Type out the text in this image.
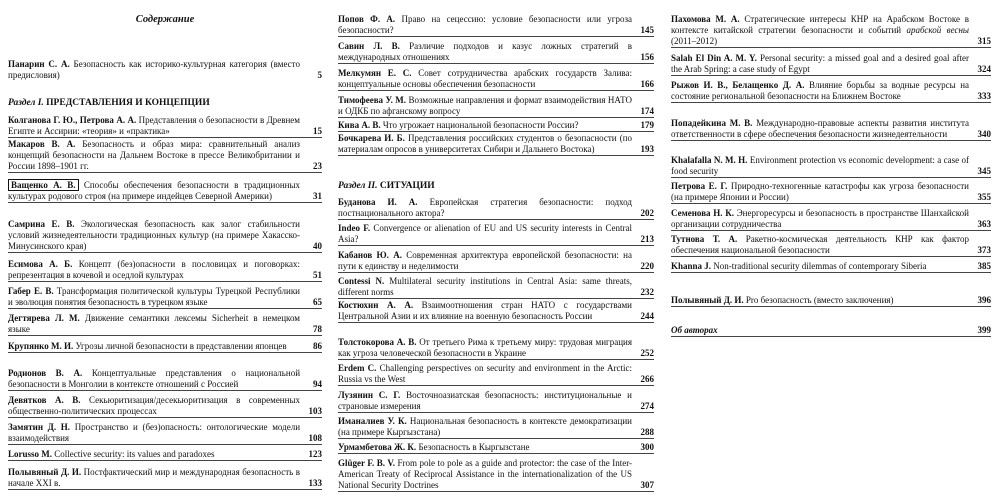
Содержание
Панарин С. А. Безопасность как историко-культурная категория (вместо предисловия)	5
Раздел I. ПРЕДСТАВЛЕНИЯ И КОНЦЕПЦИИ
Колганова Г. Ю., Петрова А. А. Представления о безопасности в Древнем Египте и Ассирии: «теория» и «практика»	15
Макаров В. А. Безопасность и образ мира: сравнительный анализ концепций безопасности на Дальнем Востоке в прессе Великобритании и России 1898–1901 гг.	23
Ващенко А. В. Способы обеспечения безопасности в традиционных культурах родового строя (на примере индейцев Северной Америки)	31
Самрина Е. В. Экологическая безопасность как залог стабильности условий жизнедеятельности традиционных культур (на примере Хакасско-Минусинского края)	40
Есимова А. Б. Концепт (без)опасности в пословицах и поговорках: репрезентация в кочевой и оседлой культурах	51
Габер Е. В. Трансформация политической культуры Турецкой Республики и эволюция понятия безопасность в турецком языке	65
Дегтярева Л. М. Движение семантики лексемы Sicherheit в немецком языке	78
Крупянко М. И. Угрозы личной безопасности в представлении японцев	86
Родионов В. А. Концептуальные представления о национальной безопасности в Монголии в контексте отношений с Россией	94
Девятков А. В. Секьюритизация/десекьюритизация в современных общественно-политических процессах	103
Замятин Д. Н. Пространство и (без)опасность: онтологические модели взаимодействия	108
Lorusso M. Collective security: its values and paradoxes	123
Полывяный Д. И. Постфактический мир и международная безопасность в начале XXI в.	133
Попов Ф. А. Право на сецессию: условие безопасности или угроза безопасности?	145
Савин Л. В. Различие подходов и казус ложных стратегий в международных отношениях	156
Мелкумян Е. С. Совет сотрудничества арабских государств Залива: концептуальные основы обеспечения безопасности	166
Тимофеева У. М. Возможные направления и формат взаимодействия НАТО и ОДКБ по афганскому вопросу	174
Кива А. В. Что угрожает национальной безопасности России?	179
Бочкарева И. Б. Представления российских студентов о безопасности (по материалам опросов в университетах Сибири и Дальнего Востока)	193
Раздел II. СИТУАЦИИ
Буданова И. А. Европейская стратегия безопасности: подход постнационального актора?	202
Indeo F. Convergence or alienation of EU and US security interests in Central Asia?	213
Кабанов Ю. А. Современная архитектура европейской безопасности: на пути к единству и неделимости	220
Contessi N. Multilateral security institutions in Central Asia: same threats, different norms	232
Костюхин А. А. Взаимоотношения стран НАТО с государствами Центральной Азии и их влияние на военную безопасность России	244
Толстокорова А. В. От третьего Рима к третьему миру: трудовая миграция как угроза человеческой безопасности в Украине	252
Erdem C. Challenging perspectives on security and environment in the Arctic: Russia vs the West	266
Лузянин С. Г. Восточноазиатская безопасность: институциональные и страновые измерения	274
Иманалиев У. К. Национальная безопасность в контексте демократизации (на примере Кыргызстана)	288
Урмамбетова Ж. К. Безопасность в Кыргызстане	300
Glüger F. B. V. From pole to pole as a guide and protector: the case of the Inter-American Treaty of Reciprocal Assistance in the internationalization of the US National Security Doctrines	307
Пахомова М. А. Стратегические интересы КНР на Арабском Востоке в контексте китайской стратегии безопасности и событий арабской весны (2011–2012)	315
Salah El Din A. M. Y. Personal security: a missed goal and a desired goal after the Arab Spring: a case study of Egypt	324
Рыжов И. В., Белащенко Д. А. Влияние борьбы за водные ресурсы на состояние региональной безопасности на Ближнем Востоке	333
Попадейкина М. В. Международно-правовые аспекты развития института ответственности в сфере обеспечения безопасности жизнедеятельности	340
Khalafalla N. M. H. Environment protection vs economic development: a case of food security	345
Петрова Е. Г. Природно-техногенные катастрофы как угроза безопасности (на примере Японии и России)	355
Семенова Н. К. Энергоресурсы и безопасность в пространстве Шанхайской организации сотрудничества	363
Тутнова Т. А. Ракетно-космическая деятельность КНР как фактор обеспечения национальной безопасности	373
Khanna J. Non-traditional security dilemmas of contemporary Siberia	385
Полывяный Д. И. Pro безопасность (вместо заключения)	396
Об авторах	399
